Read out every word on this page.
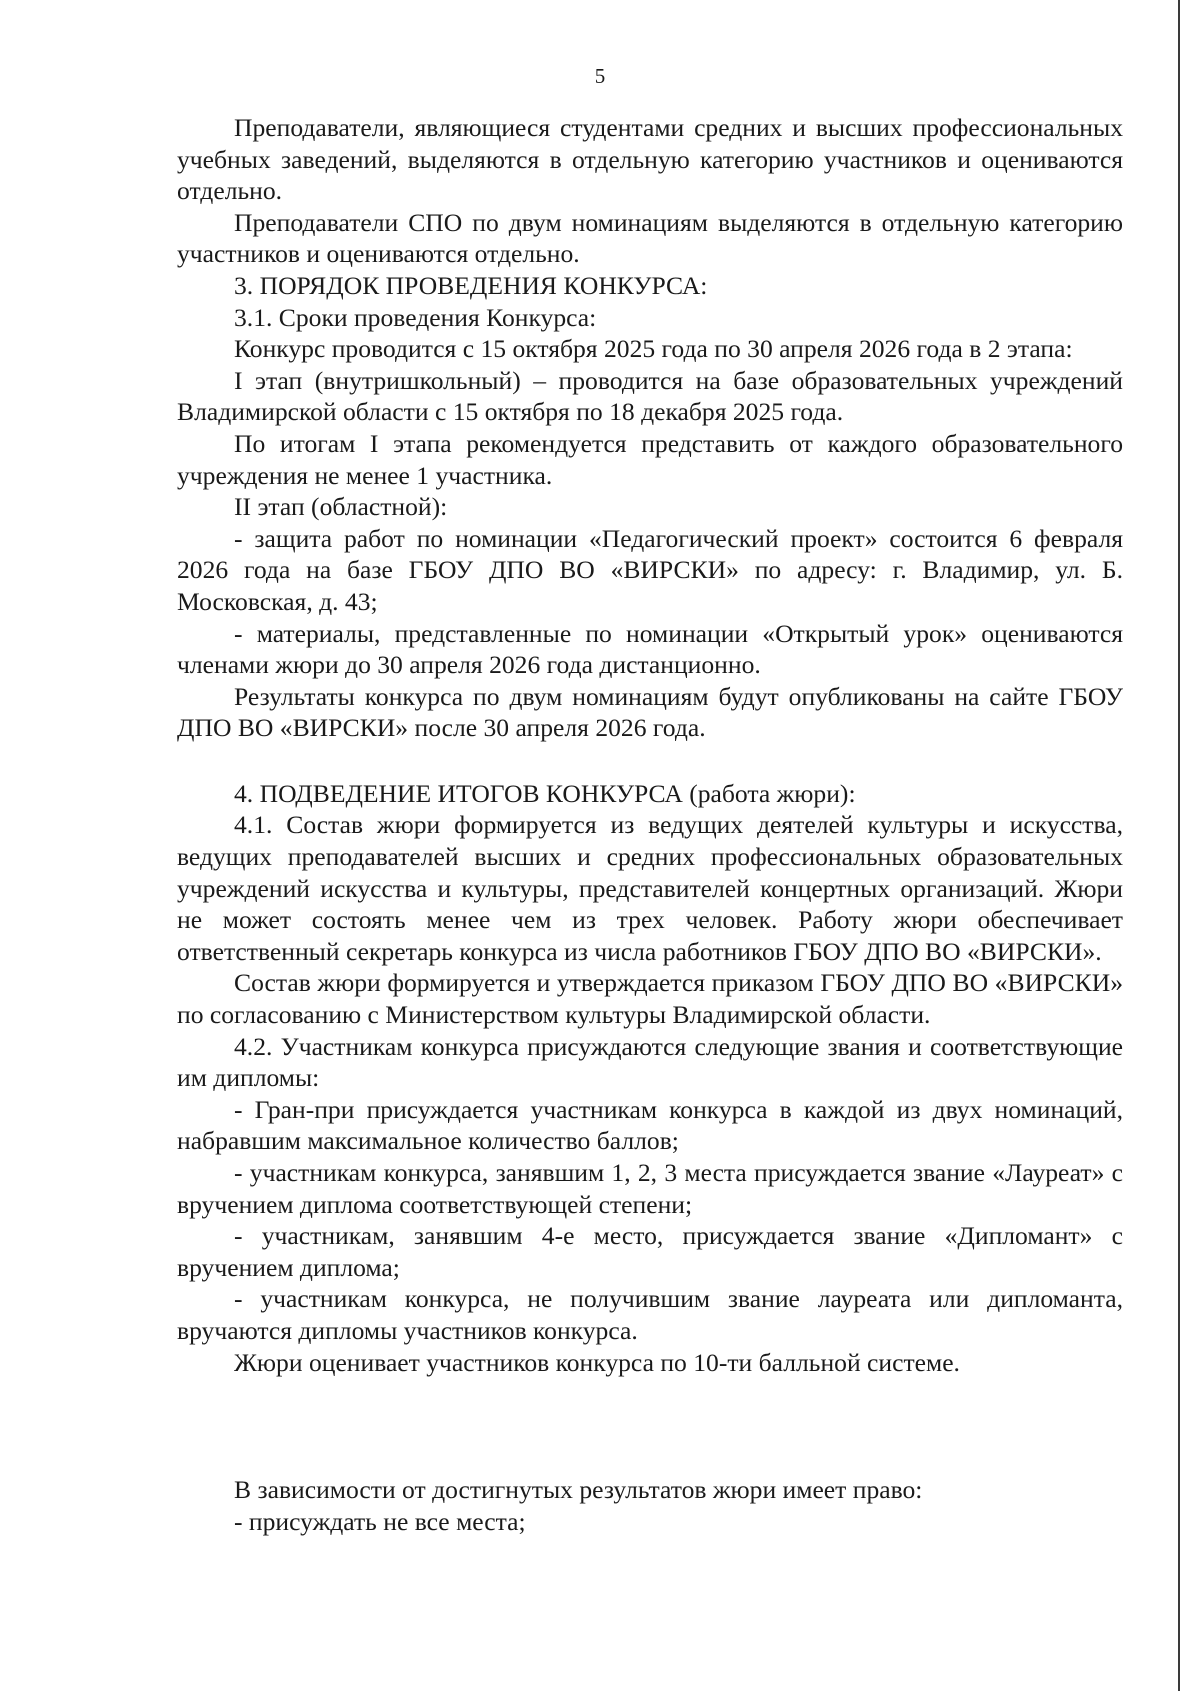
5

Преподаватели, являющиеся студентами средних и высших профессиональных учебных заведений, выделяются в отдельную категорию участников и оцениваются отдельно.

Преподаватели СПО по двум номинациям выделяются в отдельную категорию участников и оцениваются отдельно.

3. ПОРЯДОК ПРОВЕДЕНИЯ КОНКУРСА:

3.1. Сроки проведения Конкурса:

Конкурс проводится с 15 октября 2025 года по 30 апреля 2026 года в 2 этапа:

I этап (внутришкольный) – проводится на базе образовательных учреждений Владимирской области с 15 октября по 18 декабря 2025 года.

По итогам I этапа рекомендуется представить от каждого образовательного учреждения не менее 1 участника.

II этап (областной):

- защита работ по номинации «Педагогический проект» состоится 6 февраля 2026 года на базе ГБОУ ДПО ВО «ВИРСКИ» по адресу: г. Владимир, ул. Б. Московская, д. 43;

- материалы, представленные по номинации «Открытый урок» оцениваются членами жюри до 30 апреля 2026 года дистанционно.

Результаты конкурса по двум номинациям будут опубликованы на сайте ГБОУ ДПО ВО «ВИРСКИ» после 30 апреля 2026 года.

4. ПОДВЕДЕНИЕ ИТОГОВ КОНКУРСА (работа жюри):

4.1. Состав жюри формируется из ведущих деятелей культуры и искусства, ведущих преподавателей высших и средних профессиональных образовательных учреждений искусства и культуры, представителей концертных организаций. Жюри не может состоять менее чем из трех человек. Работу жюри обеспечивает ответственный секретарь конкурса из числа работников ГБОУ ДПО ВО «ВИРСКИ».

Состав жюри формируется и утверждается приказом ГБОУ ДПО ВО «ВИРСКИ» по согласованию с Министерством культуры Владимирской области.

4.2. Участникам конкурса присуждаются следующие звания и соответствующие им дипломы:

- Гран-при присуждается участникам конкурса в каждой из двух номинаций, набравшим максимальное количество баллов;

- участникам конкурса, занявшим 1, 2, 3 места присуждается звание «Лауреат» с вручением диплома соответствующей степени;

- участникам, занявшим 4-е место, присуждается звание «Дипломант» с вручением диплома;

- участникам конкурса, не получившим звание лауреата или дипломанта, вручаются дипломы участников конкурса.

Жюри оценивает участников конкурса по 10-ти балльной системе.

В зависимости от достигнутых результатов жюри имеет право:

- присуждать не все места;
